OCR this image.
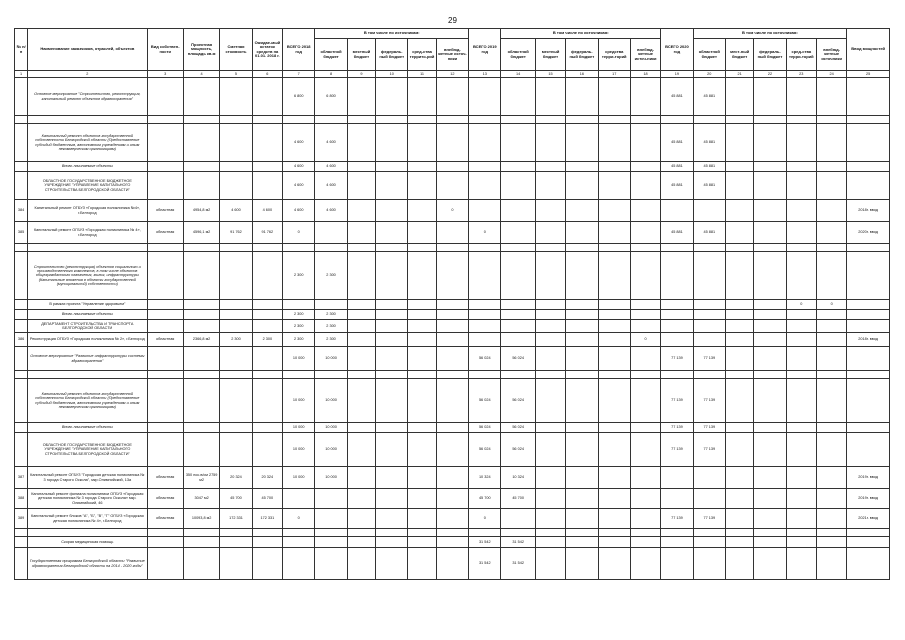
29
№ п/п	Наименование заказчиков, отраслей, объектов	Вид собствен-ности	Проектная мощность, площадь кв.м	Сметная стоимость	Ожидае-мый остаток средств на 01.01. 2018 г.	ВСЕГО 2018 год	В том числе по источникам:					ВСЕГО 2019 год	В том числе по источникам:					ВСЕГО 2020 год	В том числе по источникам:					Ввод мощностей
							областной бюджет	местный бюджет	федераль-ный бюджет	сред-ства террито-рий	внебюд-жетные источ-ники		областной бюджет	местный бюджет	федераль-ный бюджет	средства терри-торий	внебюд-жетные источ-ники		областной бюджет	мест-ный бюджет	федераль-ный бюджет	сред-ства терри-торий	внебюд-жетные источники	
1	2	3	4	5	6	7	8	9	10	11	12	13	14	15	16	17	18	19	20	21	22	23	24	25
	Основное мероприятие "Строительство, реконструкция, капитальный ремонт объектов здравоохранения"					6 800	6 800											45 881	45 881					

	Капитальный ремонт объектов государственной собственности Белгородской области (Предоставление субсидий бюджетным, автономным учреждениям и иным некоммерческим организациям)					4 600	4 600											45 881	45 881					
	Вновь начинаемые объекты					4 600	4 600											45 881	45 881					
	ОБЛАСТНОЕ ГОСУДАРСТВЕННОЕ БЮДЖЕТНОЕ УЧРЕЖДЕНИЕ "УПРАВЛЕНИЕ КАПИТАЛЬНОГО СТРОИТЕЛЬСТВА БЕЛГОРОДСКОЙ ОБЛАСТИ"					4 600	4 600											45 881	45 881					
384	Капитальный ремонт ОГБУЗ «Городская поликлиника №4», г.Белгород	областная	4954,8 м2	4 600	4 600	4 600	4 600				0													2018г. ввод
385	Капитальный ремонт ОГБУЗ «Городская поликлиника № 4», г.Белгород	областная	4596,1 м2	91 762	91 762	0						0						45 881	45 881					2020г. ввод

	Строительство (реконструкция) объектов социального и производственного комплексов, в том числе объектов общегражданского назначения, жилья, инфраструктуры (Капитальные вложения в объекты государственной (муниципальной) собственности)					2 300	2 300																	
	В рамках проекта "Управление здоровьем"																					0	0	
	Вновь начинаемые объекты					2 300	2 300																	
	ДЕПАРТАМЕНТ СТРОИТЕЛЬСТВА И ТРАНСПОРТА БЕЛГОРОДСКОЙ ОБЛАСТИ					2 300	2 300																	
386	Реконструкция ОГБУЗ «Городская поликлиника № 2», г.Белгород	областная	2366,8 м2	2 300	2 300	2 300	2 300										0							2018г. ввод
	Основное мероприятие "Развитие инфраструктуры системы здравоохранения"					10 000	10 000					56 024	56 024					77 139	77 139					

	Капитальный ремонт объектов государственной собственности Белгородской области (Предоставление субсидий бюджетным, автономным учреждениям и иным некоммерческим организациям)					10 000	10 000					56 024	56 024					77 139	77 139					
	Вновь начинаемые объекты					10 000	10 000					56 024	56 024					77 139	77 139					
	ОБЛАСТНОЕ ГОСУДАРСТВЕННОЕ БЮДЖЕТНОЕ УЧРЕЖДЕНИЕ "УПРАВЛЕНИЕ КАПИТАЛЬНОГО СТРОИТЕЛЬСТВА БЕЛГОРОДСКОЙ ОБЛАСТИ"					10 000	10 000					56 024	56 024					77 139	77 139					
387	Капитальный ремонт ОГБУЗ "Городская детская поликлиника № 3 города Старого Оскола", мкр.Олимпийский, 13а	областная	350 пос.в/см 2759 м2	20 324	20 324	10 000	10 000					10 324	10 324											2019г. ввод
388	Капитальный ремонт филиала поликлиники ОГБУЗ «Городская детская поликлиника № 3 города Старого Оскола» мкр. Олимпийский, 46	областная	3047 м2	45 700	45 700							45 700	45 700											2019г. ввод
389	Капитальный ремонт блоков "А", "Б", "В", "Г" ОГБУЗ «Городская детская поликлиника № 4», г.Белгород	областная	10093,8 м2	172 331	172 331	0						0						77 139	77 139					2021г. ввод

	Скорая медицинская помощь											31 542	31 542											
	Государственная программа Белгородской области "Развитие здравоохранения Белгородской области на 2014 - 2020 годы"											31 542	31 542											
